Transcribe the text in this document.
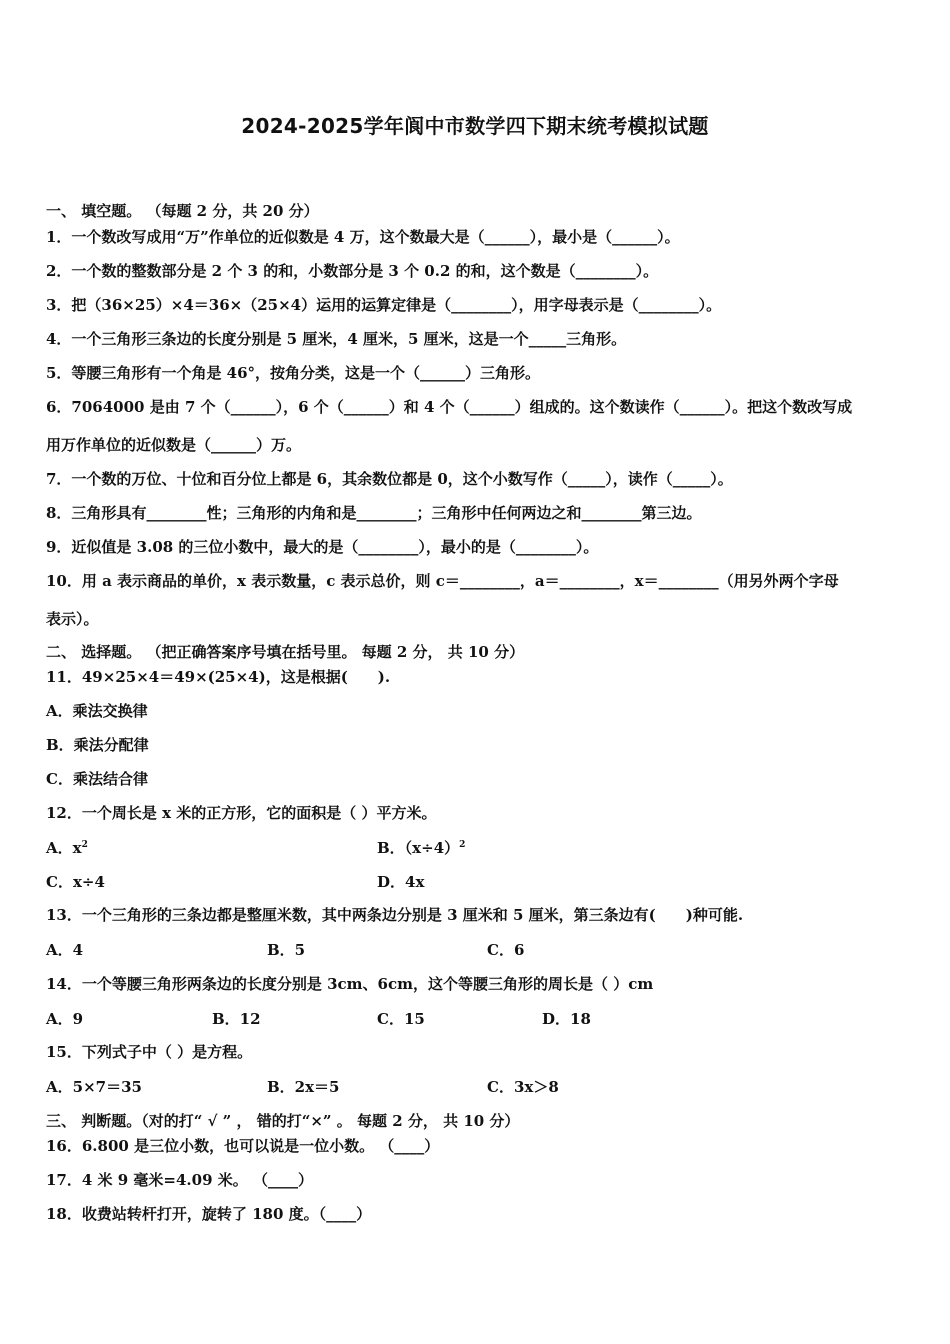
2024-2025学年阆中市数学四下期末统考模拟试题
一、 填空题。 （每题 2 分，共 20 分）
1．一个数改写成用“万”作单位的近似数是 4 万，这个数最大是（______），最小是（______）。
2．一个数的整数部分是 2 个 3 的和，小数部分是 3 个 0.2 的和，这个数是（________）。
3．把（36×25）×4＝36×（25×4）运用的运算定律是（________），用字母表示是（________）。
4．一个三角形三条边的长度分别是 5 厘米，4 厘米，5 厘米，这是一个_____三角形。
5．等腰三角形有一个角是 46°，按角分类，这是一个（______）三角形。
6．7064000 是由 7 个（______），6 个（______）和 4 个（______）组成的。这个数读作（______）。把这个数改写成
用万作单位的近似数是（______）万。
7．一个数的万位、十位和百分位上都是 6，其余数位都是 0，这个小数写作（_____），读作（_____）。
8．三角形具有________性；三角形的内角和是________；三角形中任何两边之和________第三边。
9．近似值是 3.08 的三位小数中，最大的是（________），最小的是（________）。
10．用 a 表示商品的单价，x 表示数量，c 表示总价，则 c＝________，a＝________，x＝________（用另外两个字母
表示）。
二、 选择题。 （把正确答案序号填在括号里。 每题 2 分， 共 10 分）
11．49×25×4＝49×(25×4)，这是根据(　　).
A．乘法交换律
B．乘法分配律
C．乘法结合律
12．一个周长是 x 米的正方形，它的面积是（ ）平方米。
A．$x^2$	B．$(x\div 4)^2$
C．x÷4	D．4x
13．一个三角形的三条边都是整厘米数，其中两条边分别是 3 厘米和 5 厘米，第三条边有(　　)种可能.
A．4	B．5	C．6
14．一个等腰三角形两条边的长度分别是 3cm、6cm，这个等腰三角形的周长是（ ）cm
A．9	B．12	C．15	D．18
15．下列式子中（ ）是方程。
A．5×7＝35	B．2x＝5	C．3x＞8
三、 判断题。（对的打“ √ ” ， 错的打“×” 。 每题 2 分， 共 10 分）
16．6.800 是三位小数，也可以说是一位小数。 （____）
17．4 米 9 毫米=4.09 米。 （____）
18．收费站转杆打开，旋转了 180 度。（____）
